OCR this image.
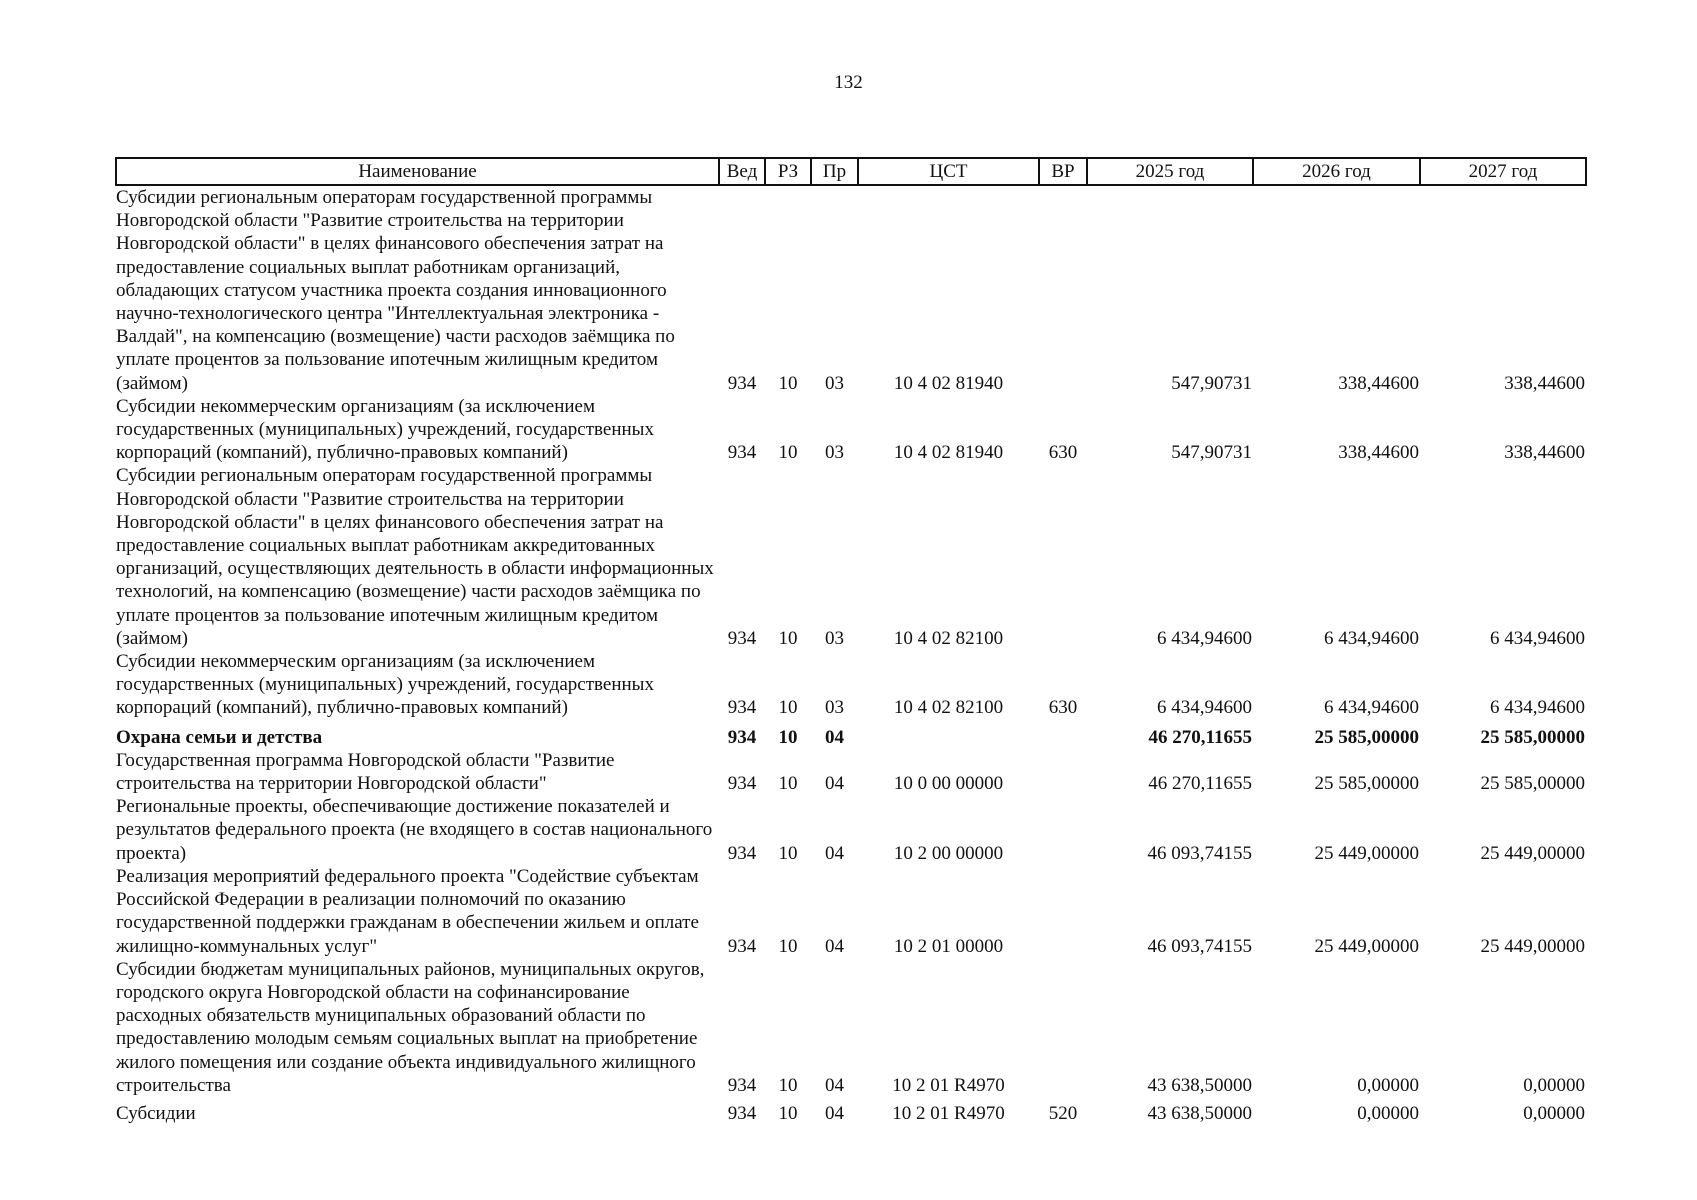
132
Наименование	Вед	РЗ	Пр	ЦСТ	ВР	2025 год	2026 год	2027 год
Субсидии региональным операторам государственной программы Новгородской области "Развитие строительства на территории Новгородской области" в целях финансового обеспечения затрат на предоставление социальных выплат работникам организаций, обладающих статусом участника проекта создания инновационного научно-технологического центра "Интеллектуальная электроника - Валдай", на компенсацию (возмещение) части расходов заёмщика по уплате процентов за пользование ипотечным жилищным кредитом (займом)	934	10	03	10 4 02 81940		547,90731	338,44600	338,44600
Субсидии некоммерческим организациям (за исключением государственных (муниципальных) учреждений, государственных корпораций (компаний), публично-правовых компаний)	934	10	03	10 4 02 81940	630	547,90731	338,44600	338,44600
Субсидии региональным операторам государственной программы Новгородской области "Развитие строительства на территории Новгородской области" в целях финансового обеспечения затрат на предоставление социальных выплат работникам аккредитованных организаций, осуществляющих деятельность в области информационных технологий, на компенсацию (возмещение) части расходов заёмщика по уплате процентов за пользование ипотечным жилищным кредитом (займом)	934	10	03	10 4 02 82100		6 434,94600	6 434,94600	6 434,94600
Субсидии некоммерческим организациям (за исключением государственных (муниципальных) учреждений, государственных корпораций (компаний), публично-правовых компаний)	934	10	03	10 4 02 82100	630	6 434,94600	6 434,94600	6 434,94600
Охрана семьи и детства	934	10	04			46 270,11655	25 585,00000	25 585,00000
Государственная программа Новгородской области "Развитие строительства на территории Новгородской области"	934	10	04	10 0 00 00000		46 270,11655	25 585,00000	25 585,00000
Региональные проекты, обеспечивающие достижение показателей и результатов федерального проекта (не входящего в состав национального проекта)	934	10	04	10 2 00 00000		46 093,74155	25 449,00000	25 449,00000
Реализация мероприятий федерального проекта "Содействие субъектам Российской Федерации в реализации полномочий по оказанию государственной поддержки гражданам в обеспечении жильем и оплате жилищно-коммунальных услуг"	934	10	04	10 2 01 00000		46 093,74155	25 449,00000	25 449,00000
Субсидии бюджетам муниципальных районов, муниципальных округов, городского округа Новгородской области на софинансирование расходных обязательств муниципальных образований области по предоставлению молодым семьям социальных выплат на приобретение жилого помещения или создание объекта индивидуального жилищного строительства	934	10	04	10 2 01 R4970		43 638,50000	0,00000	0,00000
Субсидии	934	10	04	10 2 01 R4970	520	43 638,50000	0,00000	0,00000
